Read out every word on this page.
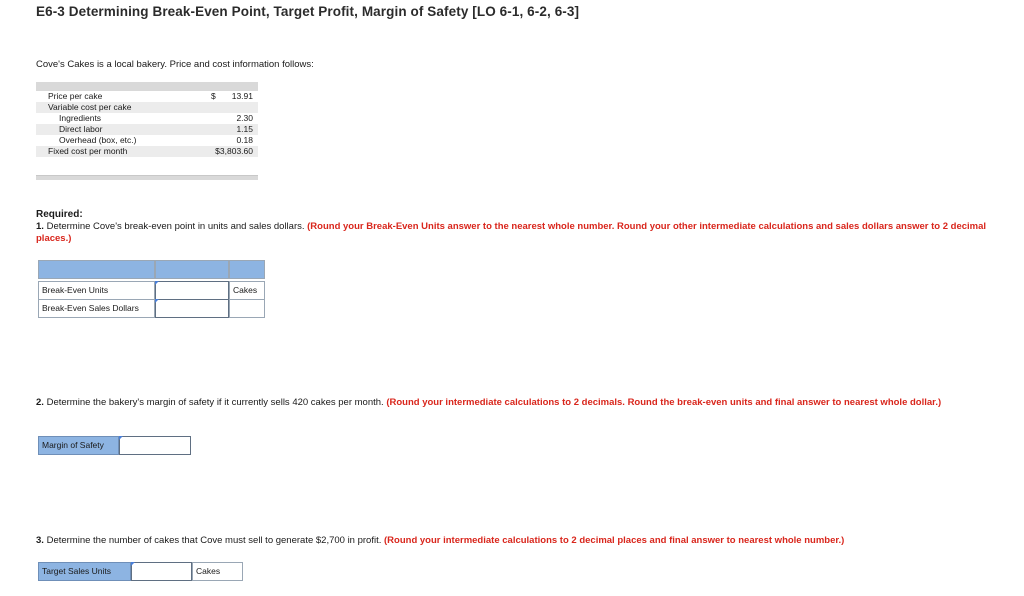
E6-3 Determining Break-Even Point, Target Profit, Margin of Safety [LO 6-1, 6-2, 6-3]
Cove's Cakes is a local bakery. Price and cost information follows:
Price per cake	$ 13.91
Variable cost per cake
Ingredients	2.30
Direct labor	1.15
Overhead (box, etc.)	0.18
Fixed cost per month	$3,803.60
Required:
1. Determine Cove's break-even point in units and sales dollars. (Round your Break-Even Units answer to the nearest whole number. Round your other intermediate calculations and sales dollars answer to 2 decimal places.)
Break-Even Units	Cakes
Break-Even Sales Dollars
2. Determine the bakery's margin of safety if it currently sells 420 cakes per month. (Round your intermediate calculations to 2 decimals. Round the break-even units and final answer to nearest whole dollar.)
Margin of Safety
3. Determine the number of cakes that Cove must sell to generate $2,700 in profit. (Round your intermediate calculations to 2 decimal places and final answer to nearest whole number.)
Target Sales Units	Cakes
